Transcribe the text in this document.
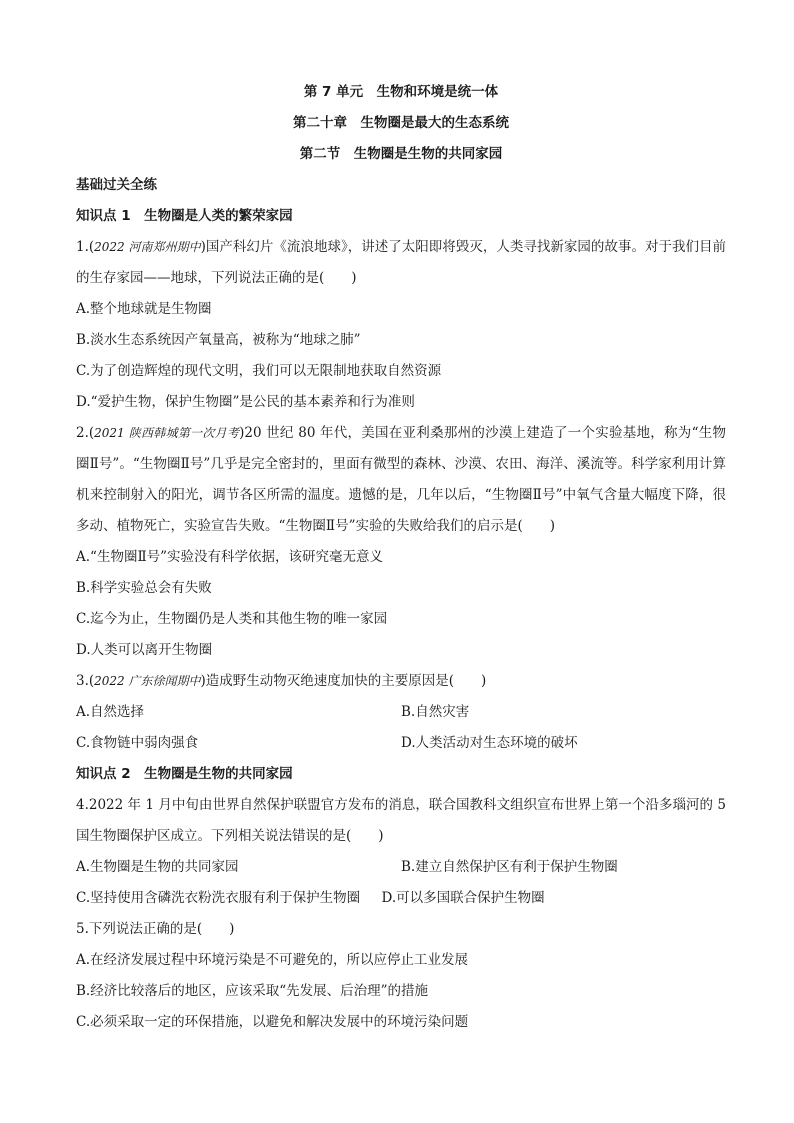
第 7 单元　生物和环境是统一体
第二十章　生物圈是最大的生态系统
第二节　生物圈是生物的共同家园
基础过关全练
知识点 1　生物圈是人类的繁荣家园
1.(2022 河南郑州期中)国产科幻片《流浪地球》，讲述了太阳即将毁灭，人类寻找新家园的故事。对于我们目前的生存家园——地球，下列说法正确的是(　　)
A.整个地球就是生物圈
B.淡水生态系统因产氧量高，被称为“地球之肺”
C.为了创造辉煌的现代文明，我们可以无限制地获取自然资源
D.“爱护生物，保护生物圈”是公民的基本素养和行为准则
2.(2021 陕西韩城第一次月考)20 世纪 80 年代，美国在亚利桑那州的沙漠上建造了一个实验基地，称为“生物圈Ⅱ号”。“生物圈Ⅱ号”几乎是完全密封的，里面有微型的森林、沙漠、农田、海洋、溪流等。科学家利用计算机来控制射入的阳光，调节各区所需的温度。遗憾的是，几年以后，“生物圈Ⅱ号”中氧气含量大幅度下降，很多动、植物死亡，实验宣告失败。“生物圈Ⅱ号”实验的失败给我们的启示是(　　)
A.“生物圈Ⅱ号”实验没有科学依据，该研究毫无意义
B.科学实验总会有失败
C.迄今为止，生物圈仍是人类和其他生物的唯一家园
D.人类可以离开生物圈
3.(2022 广东徐闻期中)造成野生动物灭绝速度加快的主要原因是(　　)
A.自然选择	B.自然灾害
C.食物链中弱肉强食	D.人类活动对生态环境的破坏
知识点 2　生物圈是生物的共同家园
4.2022 年 1 月中旬由世界自然保护联盟官方发布的消息，联合国教科文组织宣布世界上第一个沿多瑙河的 5 国生物圈保护区成立。下列相关说法错误的是(　　)
A.生物圈是生物的共同家园	B.建立自然保护区有利于保护生物圈
C.坚持使用含磷洗衣粉洗衣服有利于保护生物圈	D.可以多国联合保护生物圈
5.下列说法正确的是(　　)
A.在经济发展过程中环境污染是不可避免的，所以应停止工业发展
B.经济比较落后的地区，应该采取“先发展、后治理”的措施
C.必须采取一定的环保措施，以避免和解决发展中的环境污染问题
